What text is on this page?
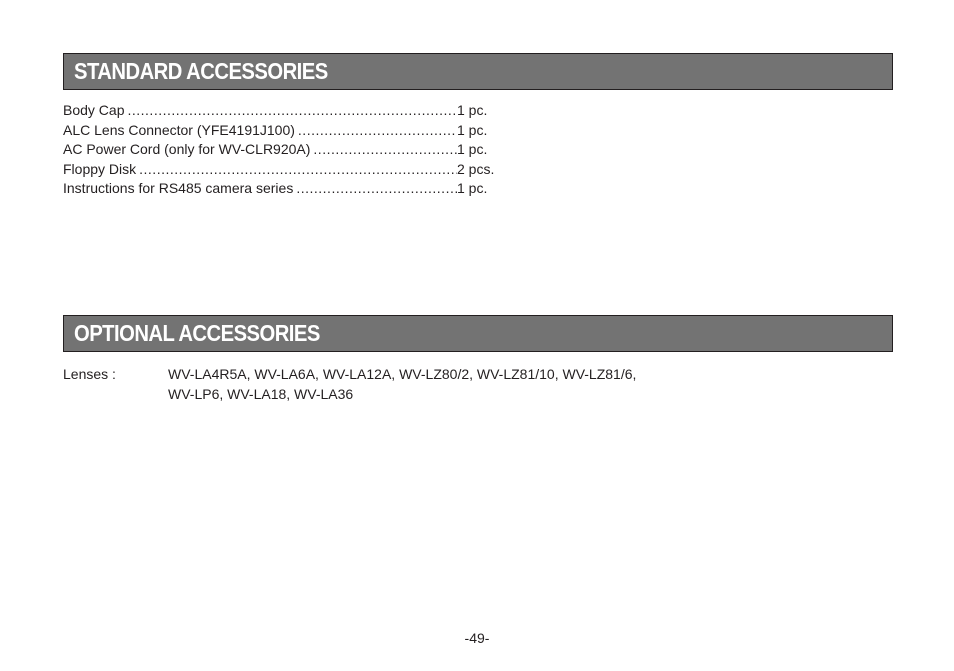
STANDARD ACCESSORIES
Body Cap .....	1 pc.
ALC Lens Connector (YFE4191J100) .....	1 pc.
AC Power Cord (only for WV-CLR920A) .....	1 pc.
Floppy Disk .....	2 pcs.
Instructions for RS485 camera series .....	1 pc.
OPTIONAL ACCESSORIES
Lenses :	WV-LA4R5A, WV-LA6A, WV-LA12A, WV-LZ80/2, WV-LZ81/10, WV-LZ81/6,
WV-LP6, WV-LA18, WV-LA36
-49-
